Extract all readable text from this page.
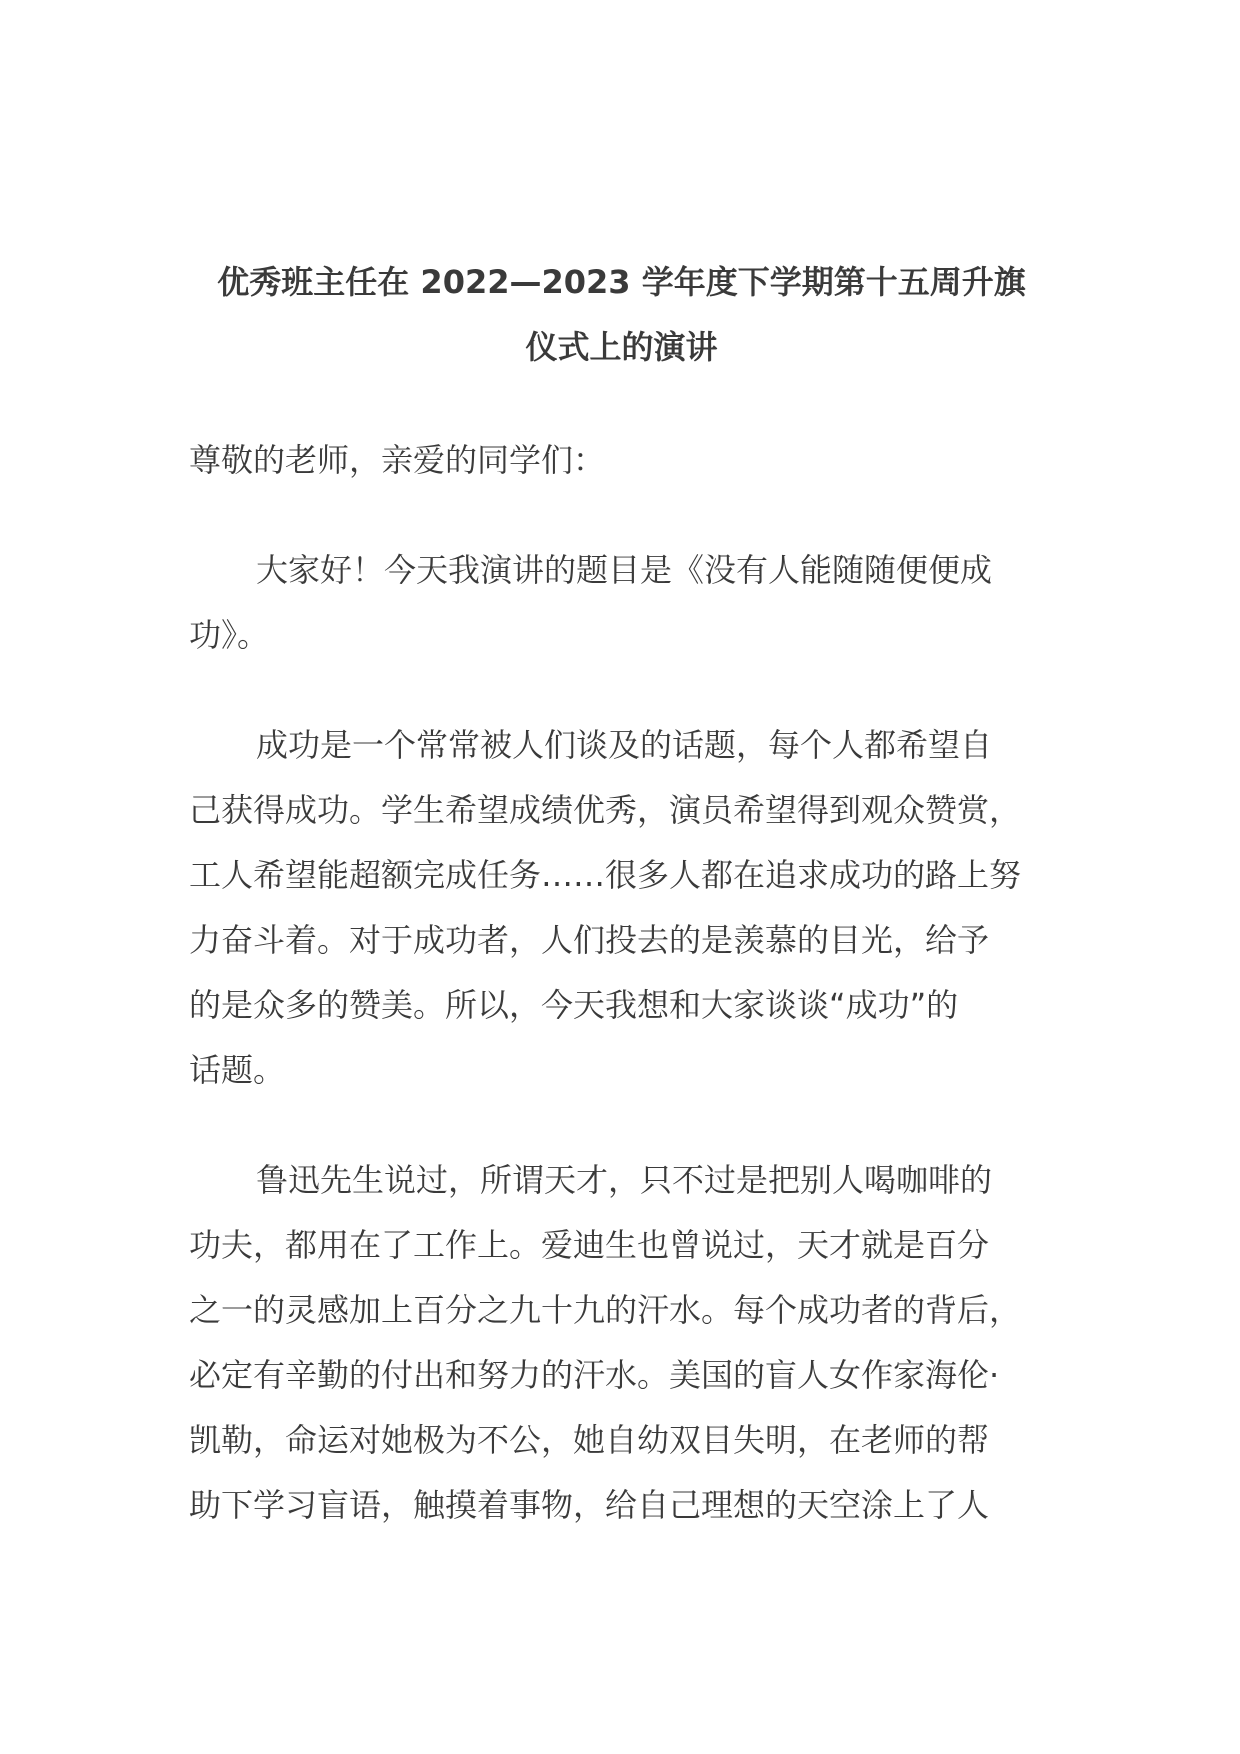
优秀班主任在 2022—2023 学年度下学期第十五周升旗
仪式上的演讲

尊敬的老师，亲爱的同学们：

大家好！今天我演讲的题目是《没有人能随随便便成
功》。

成功是一个常常被人们谈及的话题，每个人都希望自
己获得成功。学生希望成绩优秀，演员希望得到观众赞赏，
工人希望能超额完成任务……很多人都在追求成功的路上努
力奋斗着。对于成功者，人们投去的是羡慕的目光，给予
的是众多的赞美。所以，今天我想和大家谈谈“成功”的
话题。

鲁迅先生说过，所谓天才，只不过是把别人喝咖啡的
功夫，都用在了工作上。爱迪生也曾说过，天才就是百分
之一的灵感加上百分之九十九的汗水。每个成功者的背后，
必定有辛勤的付出和努力的汗水。美国的盲人女作家海伦·
凯勒，命运对她极为不公，她自幼双目失明，在老师的帮
助下学习盲语，触摸着事物，给自己理想的天空涂上了人
